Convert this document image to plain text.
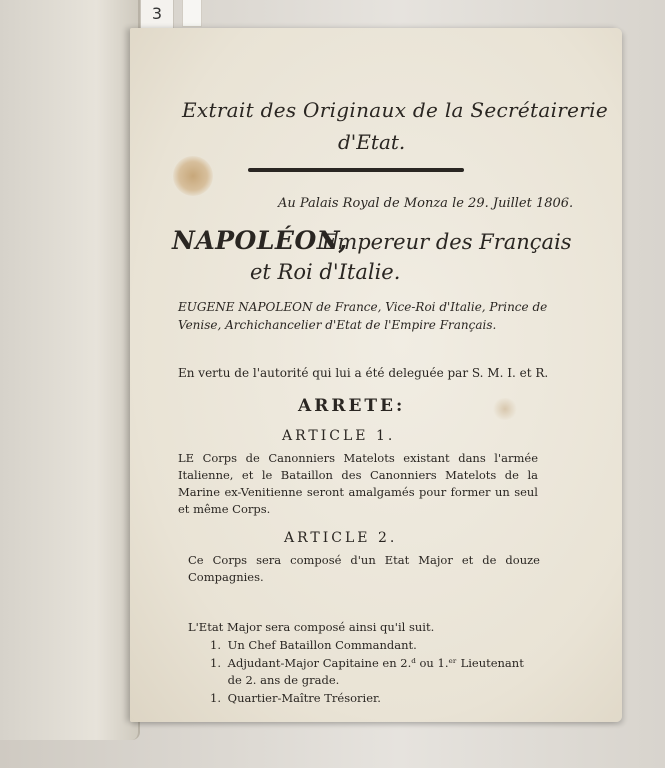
3
Extrait des Originaux de la Secrétairerie
d'Etat.
Au Palais Royal de Monza le 29. Juillet 1806.
NAPOLÉON,
Empereur des Français
et Roi d'Italie.
EUGENE NAPOLEON de France, Vice-Roi d'Italie, Prince de Venise, Archichancelier d'Etat de l'Empire Français.
En vertu de l'autorité qui lui a été deleguée par S. M. I. et R.
ARRETE:
ARTICLE 1.
LE Corps de Canonniers Matelots existant dans l'armée Italienne, et le Bataillon des Canonniers Matelots de la Marine ex-Venitienne seront amalgamés pour former un seul et même Corps.
ARTICLE 2.
Ce Corps sera composé d'un Etat Major et de douze Compagnies.
L'Etat Major sera composé ainsi qu'il suit.
1. Un Chef Bataillon Commandant.
1. Adjudant-Major Capitaine en 2.ᵈ ou 1.ᵉʳ Lieutenant
de 2. ans de grade.
1. Quartier-Maître Trésorier.
